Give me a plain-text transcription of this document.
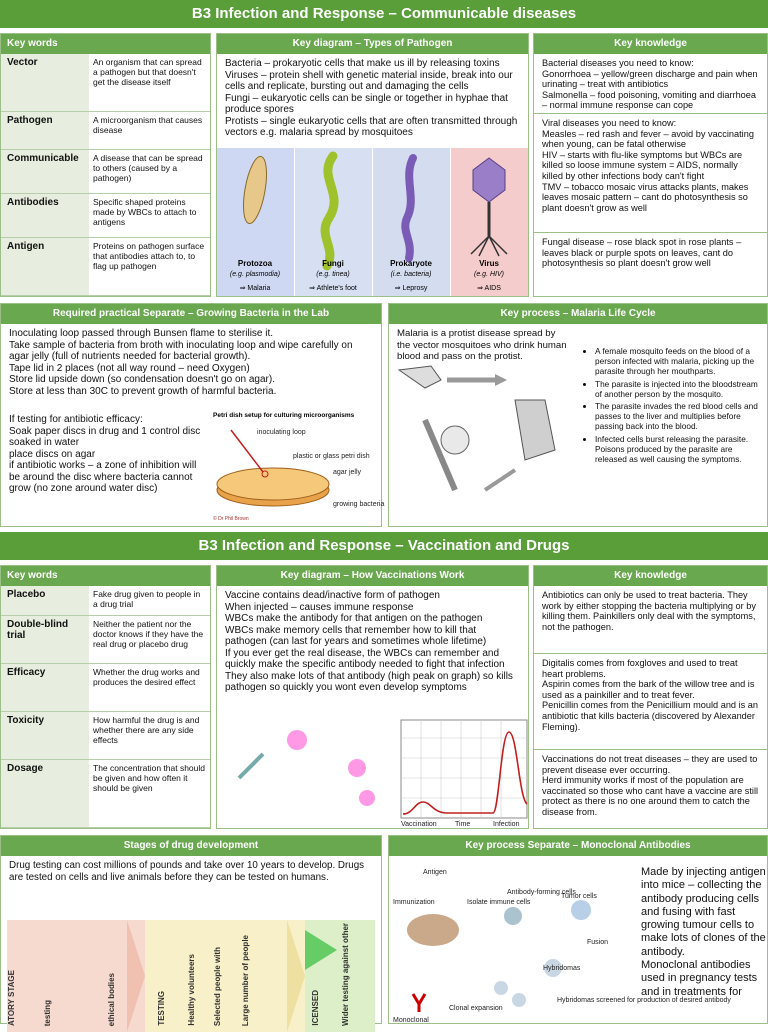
B3 Infection and Response – Communicable diseases
Key words
Vector	An organism that can spread a pathogen but that doesn't get the disease itself
Pathogen	A microorganism that causes disease
Communicable	A disease that can be spread to others (caused by a pathogen)
Antibodies	Specific shaped proteins made by WBCs to attach to antigens
Antigen	Proteins on pathogen surface that antibodies attach to, to flag up pathogen
Key diagram – Types of Pathogen
Bacteria – prokaryotic cells that make us ill by releasing toxins
Viruses – protein shell with genetic material inside, break into our cells and replicate, bursting out and damaging the cells
Fungi – eukaryotic cells can be single or together in hyphae that produce spores
Protists – single eukaryotic cells that are often transmitted through vectors e.g. malaria spread by mosquitoes
Protozoa
(e.g. plasmodia)
⇒ Malaria
Fungi
(e.g. tinea)
⇒ Athlete's foot
Prokaryote
(i.e. bacteria)
⇒ Leprosy
Virus
(e.g. HIV)
⇒ AIDS
Key knowledge
Bacterial diseases you need to know:
Gonorrhoea – yellow/green discharge and pain when urinating – treat with antibiotics
Salmonella – food poisoning, vomiting and diarrhoea – normal immune response can cope
Viral diseases you need to know:
Measles – red rash and fever – avoid by vaccinating when young, can be fatal otherwise
HIV – starts with flu-like symptoms but WBCs are killed so loose immune system = AIDS, normally killed by other infections body can't fight
TMV – tobacco mosaic virus attacks plants, makes leaves mosaic pattern – cant do photosynthesis so plant doesn't grow as well
Fungal disease – rose black spot in rose plants – leaves black or purple spots on leaves, cant do photosynthesis so plant doesn't grow well
Required practical Separate – Growing Bacteria in the Lab
Inoculating loop passed through Bunsen flame to sterilise it.
Take sample of bacteria from broth with inoculating loop and wipe carefully on agar jelly (full of nutrients needed for bacterial growth).
Tape lid in 2 places (not all way round – need Oxygen)
Store lid upside down (so condensation doesn't go on agar).
Store at less than 30C to prevent growth of harmful bacteria.
If testing for antibiotic efficacy:
Soak paper discs in drug and 1 control disc soaked in water
place discs on agar
if antibiotic works – a zone of inhibition will be around the disc where bacteria cannot grow (no zone around water disc)
Petri dish setup for culturing microorganisms
inoculating loop
plastic or glass petri dish
agar jelly
growing bacteria
© Dr Phil Brown
Key process – Malaria Life Cycle
Malaria is a protist disease spread by the vector mosquitoes who drink human blood and pass on the protist.
•	A female mosquito feeds on the blood of a person infected with malaria, picking up the parasite through her mouthparts.
• The parasite is injected into the bloodstream of another person by the mosquito.
• The parasite invades the red blood cells and passes to the liver and multiplies before passing back into the blood.
• Infected cells burst releasing the parasite. Poisons produced by the parasite are released as well causing the symptoms.
B3 Infection and Response – Vaccination and Drugs
Key words
Placebo	Fake drug given to people in a drug trial
Double-blind trial
Neither the patient nor the doctor knows if they have the real drug or placebo drug
Efficacy	Whether the drug works and produces the desired effect
Toxicity	How harmful the drug is and whether there are any side effects
Dosage	The concentration that should be given and how often it should be given
Key diagram – How Vaccinations Work
Vaccine contains dead/inactive form of pathogen
When injected – causes immune response
WBCs make the antibody for that antigen on the pathogen
WBCs make memory cells that remember how to kill that pathogen (can last for years and sometimes whole lifetime)
If you ever get the real disease, the WBCs can remember and quickly make the specific antibody needed to fight that infection
They also make lots of that antibody (high peak on graph) so kills pathogen so quickly you wont even develop symptoms
Vaccination	Time	Infection
Key knowledge
Antibiotics can only be used to treat bacteria. They work by either stopping the bacteria multiplying or by killing them. Painkillers only deal with the symptoms, not the pathogen.
Digitalis comes from foxgloves and used to treat heart problems.
Aspirin comes from the bark of the willow tree and is used as a painkiller and to treat fever.
Penicillin comes from the Penicillium mould and is an antibiotic that kills bacteria (discovered by Alexander Fleming).
Vaccinations do not treat diseases – they are used to prevent disease ever occurring.
Herd immunity works if most of the population are vaccinated so those who cant have a vaccine are still protect as there is no one around them to catch the disease from.
Stages of drug development
Drug testing can cost millions of pounds and take over 10 years to develop. Drugs are tested on cells and live animals before they can be tested on humans.
ATORY STAGE	testing	ethical bodies	TESTING	Healthy volunteers Selected people with Large number of people	ICENSED	Wider testing against other
Key process Separate – Monoclonal Antibodies
Antigen
Immunization	Isolate immune cells
Antibody-forming cells
Tumor cells
Fusion
Hybridomas
Clonal expansion
Monoclonal
Hybridomas screened for production of desired antibody
Made by injecting antigen into mice – collecting the antibody producing cells and fusing with fast growing tumour cells to make lots of clones of the antibody.
Monoclonal antibodies used in pregnancy tests and in treatments for
